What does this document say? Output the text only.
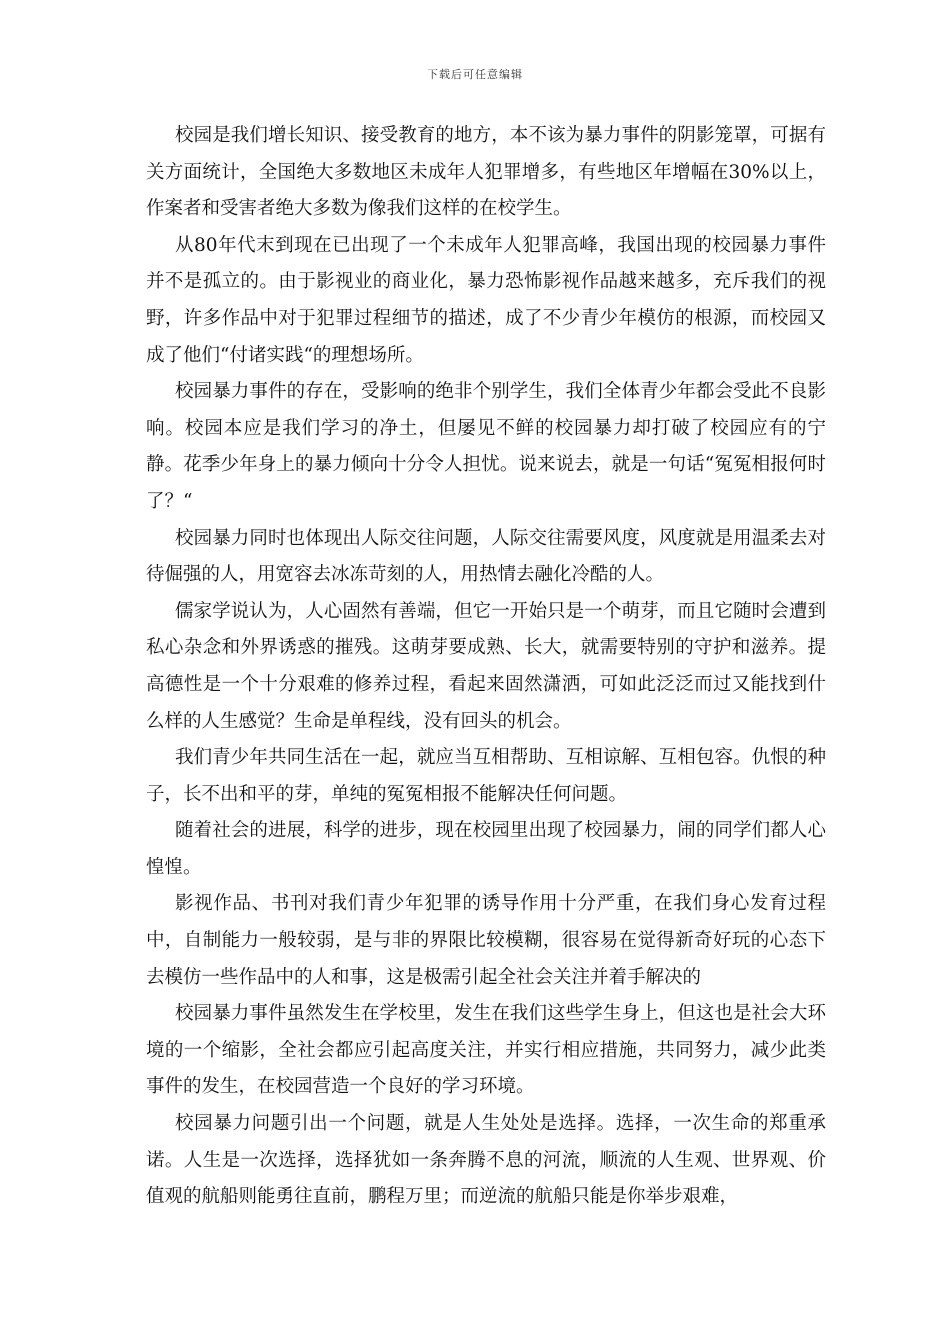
下载后可任意编辑

校园是我们增长知识、接受教育的地方，本不该为暴力事件的阴影笼罩，可据有关方面统计，全国绝大多数地区未成年人犯罪增多，有些地区年增幅在30%以上，作案者和受害者绝大多数为像我们这样的在校学生。

从80年代末到现在已出现了一个未成年人犯罪高峰，我国出现的校园暴力事件并不是孤立的。由于影视业的商业化，暴力恐怖影视作品越来越多，充斥我们的视野，许多作品中对于犯罪过程细节的描述，成了不少青少年模仿的根源，而校园又成了他们“付诸实践“的理想场所。

校园暴力事件的存在，受影响的绝非个别学生，我们全体青少年都会受此不良影响。校园本应是我们学习的净土，但屡见不鲜的校园暴力却打破了校园应有的宁静。花季少年身上的暴力倾向十分令人担忧。说来说去，就是一句话“冤冤相报何时了？“

校园暴力同时也体现出人际交往问题，人际交往需要风度，风度就是用温柔去对待倔强的人，用宽容去冰冻苛刻的人，用热情去融化冷酷的人。

儒家学说认为，人心固然有善端，但它一开始只是一个萌芽，而且它随时会遭到私心杂念和外界诱惑的摧残。这萌芽要成熟、长大，就需要特别的守护和滋养。提高德性是一个十分艰难的修养过程，看起来固然潇洒，可如此泛泛而过又能找到什么样的人生感觉？生命是单程线，没有回头的机会。

我们青少年共同生活在一起，就应当互相帮助、互相谅解、互相包容。仇恨的种子，长不出和平的芽，单纯的冤冤相报不能解决任何问题。

随着社会的进展，科学的进步，现在校园里出现了校园暴力，闹的同学们都人心惶惶。

影视作品、书刊对我们青少年犯罪的诱导作用十分严重，在我们身心发育过程中，自制能力一般较弱，是与非的界限比较模糊，很容易在觉得新奇好玩的心态下去模仿一些作品中的人和事，这是极需引起全社会关注并着手解决的

校园暴力事件虽然发生在学校里，发生在我们这些学生身上，但这也是社会大环境的一个缩影，全社会都应引起高度关注，并实行相应措施，共同努力，减少此类事件的发生，在校园营造一个良好的学习环境。

校园暴力问题引出一个问题，就是人生处处是选择。选择，一次生命的郑重承诺。人生是一次选择，选择犹如一条奔腾不息的河流，顺流的人生观、世界观、价值观的航船则能勇往直前，鹏程万里；而逆流的航船只能是你举步艰难，
